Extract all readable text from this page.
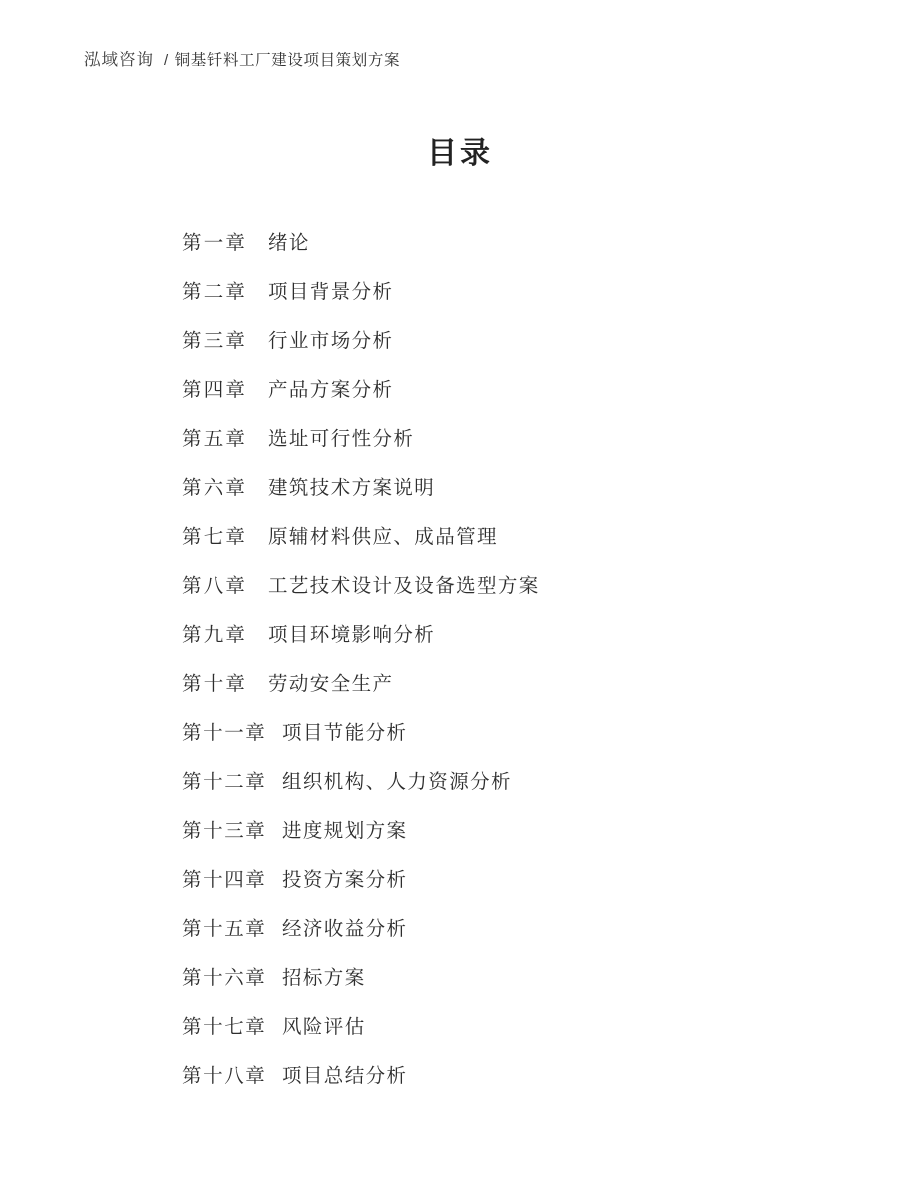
泓域咨询 / 铜基钎料工厂建设项目策划方案
目录
第一章	绪论
第二章	项目背景分析
第三章	行业市场分析
第四章	产品方案分析
第五章	选址可行性分析
第六章	建筑技术方案说明
第七章	原辅材料供应、成品管理
第八章	工艺技术设计及设备选型方案
第九章	项目环境影响分析
第十章	劳动安全生产
第十一章 项目节能分析
第十二章 组织机构、人力资源分析
第十三章 进度规划方案
第十四章 投资方案分析
第十五章 经济收益分析
第十六章 招标方案
第十七章 风险评估
第十八章 项目总结分析
